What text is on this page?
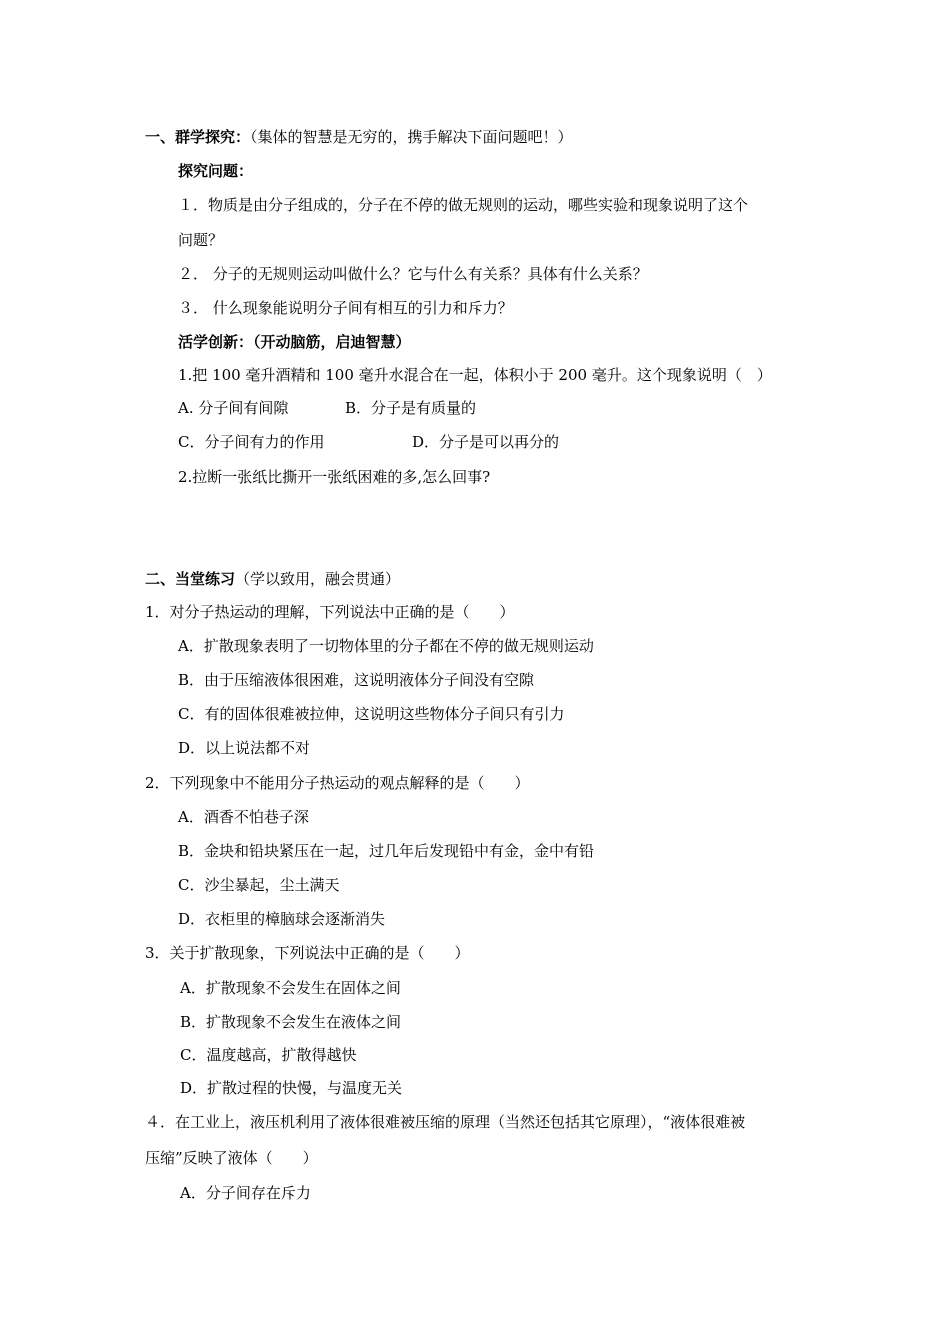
一、群学探究：（集体的智慧是无穷的，携手解决下面问题吧！）
探究问题：
１．物质是由分子组成的，分子在不停的做无规则的运动，哪些实验和现象说明了这个
问题？
２． 分子的无规则运动叫做什么？它与什么有关系？具体有什么关系？
３． 什么现象能说明分子间有相互的引力和斥力？
活学创新：（开动脑筋，启迪智慧）
1.把 100 毫升酒精和 100 毫升水混合在一起，体积小于 200 毫升。这个现象说明（　）
A. 分子间有间隙	B．分子是有质量的
C．分子间有力的作用	D．分子是可以再分的
2.拉断一张纸比撕开一张纸困难的多,怎么回事?
二、当堂练习（学以致用，融会贯通）
1．对分子热运动的理解，下列说法中正确的是（　　）
A．扩散现象表明了一切物体里的分子都在不停的做无规则运动
B．由于压缩液体很困难，这说明液体分子间没有空隙
C．有的固体很难被拉伸，这说明这些物体分子间只有引力
D．以上说法都不对
2．下列现象中不能用分子热运动的观点解释的是（　　）
A．酒香不怕巷子深
B．金块和铅块紧压在一起，过几年后发现铅中有金，金中有铅
C．沙尘暴起，尘土满天
D．衣柜里的樟脑球会逐渐消失
3．关于扩散现象，下列说法中正确的是（　　）
A．扩散现象不会发生在固体之间
B．扩散现象不会发生在液体之间
C．温度越高，扩散得越快
D．扩散过程的快慢，与温度无关
４．在工业上，液压机利用了液体很难被压缩的原理（当然还包括其它原理），“液体很难被
压缩”反映了液体（　　）
A．分子间存在斥力
